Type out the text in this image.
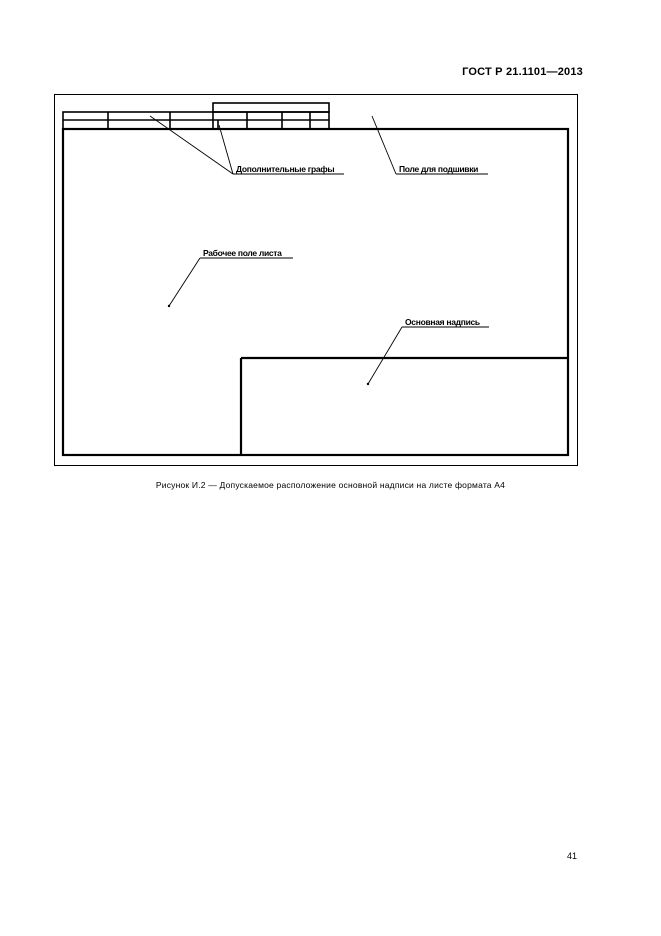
ГОСТ Р 21.1101—2013
Дополнительные графы	Поле для подшивки
Рабочее поле листа
Основная надпись
Рисунок И.2 — Допускаемое расположение основной надписи на листе формата А4
41
